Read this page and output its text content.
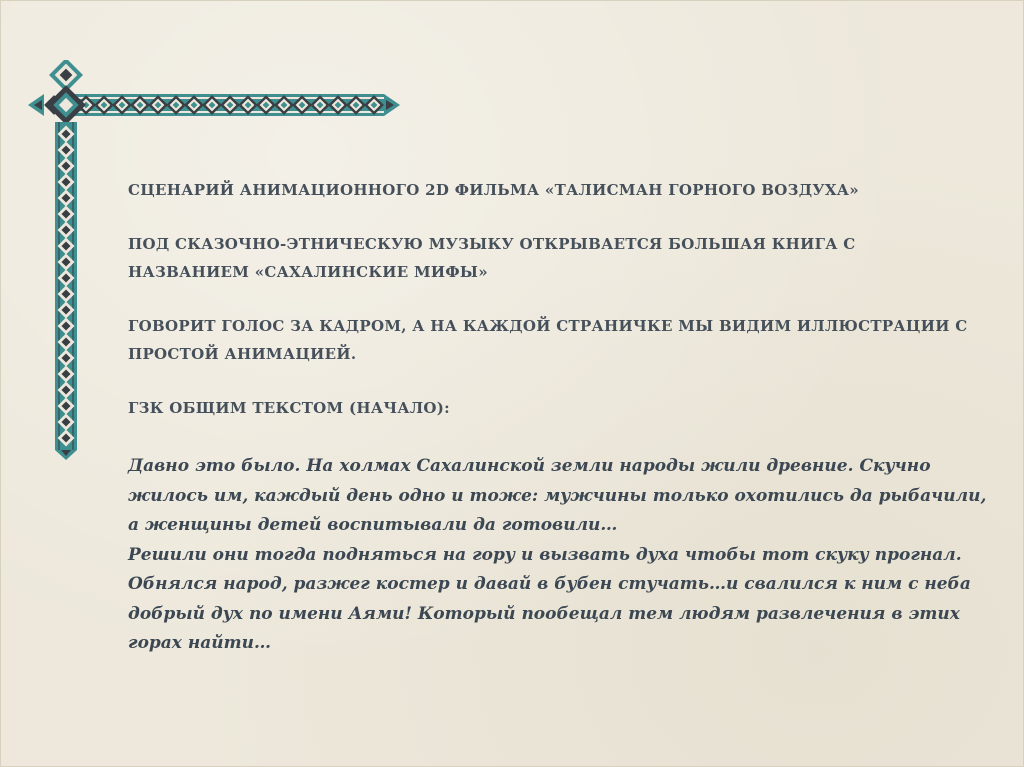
СЦЕНАРИЙ АНИМАЦИОННОГО 2D ФИЛЬМА «ТАЛИСМАН ГОРНОГО ВОЗДУХА»

ПОД СКАЗОЧНО-ЭТНИЧЕСКУЮ МУЗЫКУ ОТКРЫВАЕТСЯ БОЛЬШАЯ КНИГА С НАЗВАНИЕМ «САХАЛИНСКИЕ МИФЫ»

ГОВОРИТ ГОЛОС ЗА КАДРОМ, А НА КАЖДОЙ СТРАНИЧКЕ МЫ ВИДИМ ИЛЛЮСТРАЦИИ С ПРОСТОЙ АНИМАЦИЕЙ.

ГЗК ОБЩИМ ТЕКСТОМ (НАЧАЛО):

Давно это было. На холмах Сахалинской земли народы жили древние. Скучно
жилось им, каждый день одно и тоже: мужчины только охотились да рыбачили,
а женщины детей воспитывали да готовили…
Решили они тогда подняться на гору и вызвать духа чтобы тот скуку прогнал.
Обнялся народ, разжег костер и давай в бубен стучать…и свалился к ним с неба
добрый дух по имени Аями! Который пообещал тем людям развлечения в этих
горах найти…
